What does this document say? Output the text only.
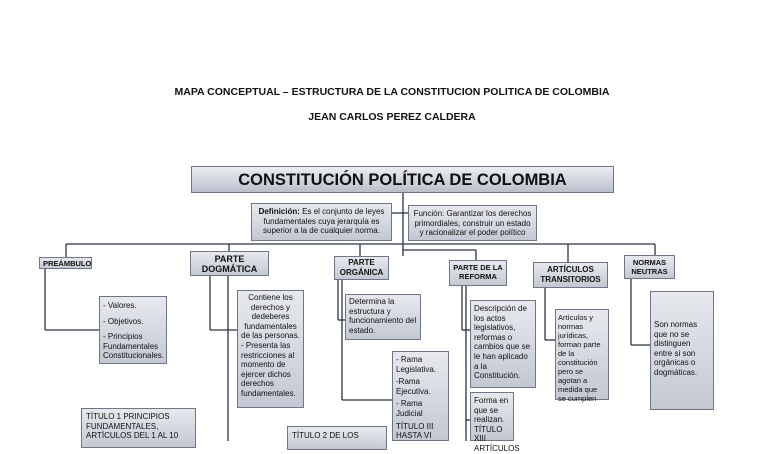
MAPA CONCEPTUAL – ESTRUCTURA DE LA CONSTITUCION POLITICA DE COLOMBIA
JEAN CARLOS PEREZ CALDERA
CONSTITUCIÓN POLÍTICA DE COLOMBIA
Definición: Es el conjunto de leyes fundamentales cuya jerarquía es superior a la de cualquier norma.
Función: Garantizar los derechos primordiales, construir un estado y racionalizar el poder político
PREÁMBULO
- Valores.
- Objetivos.
- Principios Fundamentales Constitucionales.
PARTE DOGMÁTICA
Contiene los derechos y dedeberes fundamentales de las personas.
- Presenta las restricciones al momento de ejercer dichos derechos fundamentales.
TÍTULO 1 PRINCIPIOS FUNDAMENTALES, ARTÍCULOS DEL 1 AL 10	TÍTULO 2 DE LOS
PARTE ORGÁNICA
Determina la estructura y funcionamiento del estado.
- Rama Legislativa.
-Rama Ejecutiva.
- Rama Judicial
TÍTULO III HASTA VI
PARTE DE LA REFORMA
Descripción de los actos legislativos, reformas o cambios que se le han aplicado a la Constitución.
Forma en que se realizan. TÍTULO XIII ARTÍCULOS
ARTÍCULOS TRANSITORIOS
Artículos y normas jurídicas, forman parte de la constitución pero se agotan a medida que se cumplen
NORMAS NEUTRAS
Son normas que no se distinguen entre si son orgánicas o dogmáticas.
